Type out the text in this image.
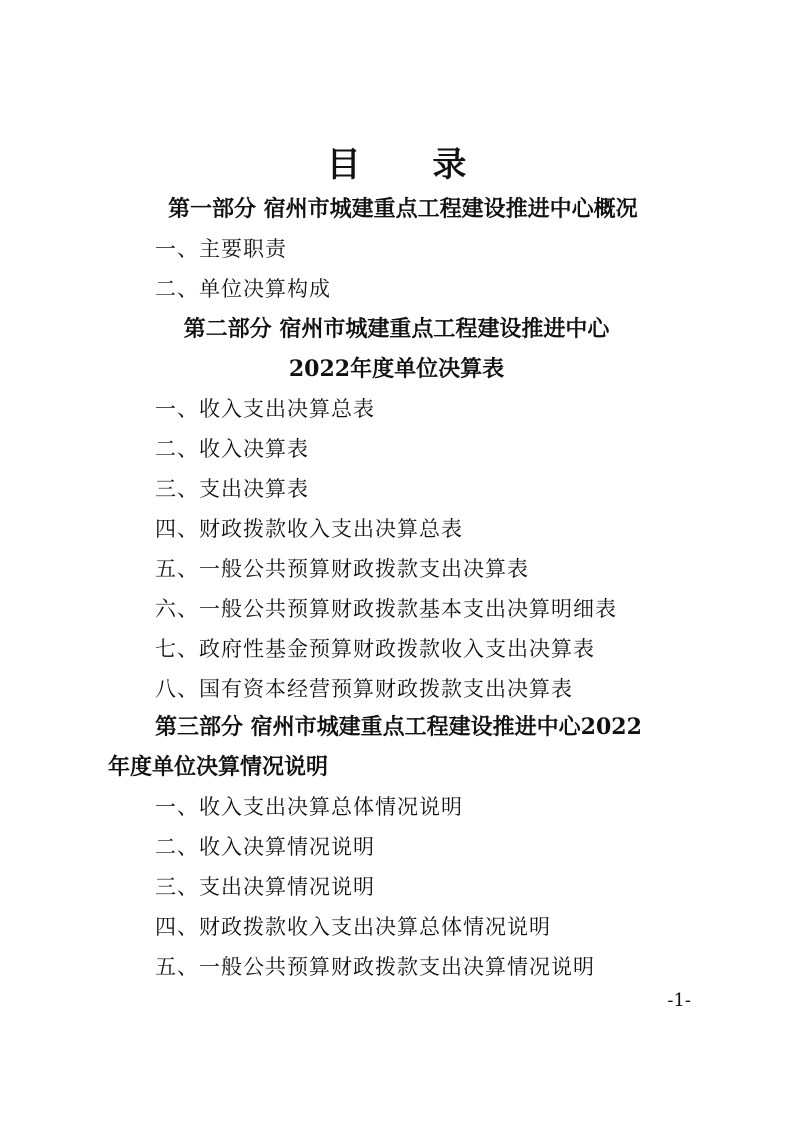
目 录
第一部分 宿州市城建重点工程建设推进中心概况
一、主要职责
二、单位决算构成
第二部分 宿州市城建重点工程建设推进中心
2022年度单位决算表
一、收入支出决算总表
二、收入决算表
三、支出决算表
四、财政拨款收入支出决算总表
五、一般公共预算财政拨款支出决算表
六、一般公共预算财政拨款基本支出决算明细表
七、政府性基金预算财政拨款收入支出决算表
八、国有资本经营预算财政拨款支出决算表
第三部分 宿州市城建重点工程建设推进中心2022
年度单位决算情况说明
一、收入支出决算总体情况说明
二、收入决算情况说明
三、支出决算情况说明
四、财政拨款收入支出决算总体情况说明
五、一般公共预算财政拨款支出决算情况说明
-1-
